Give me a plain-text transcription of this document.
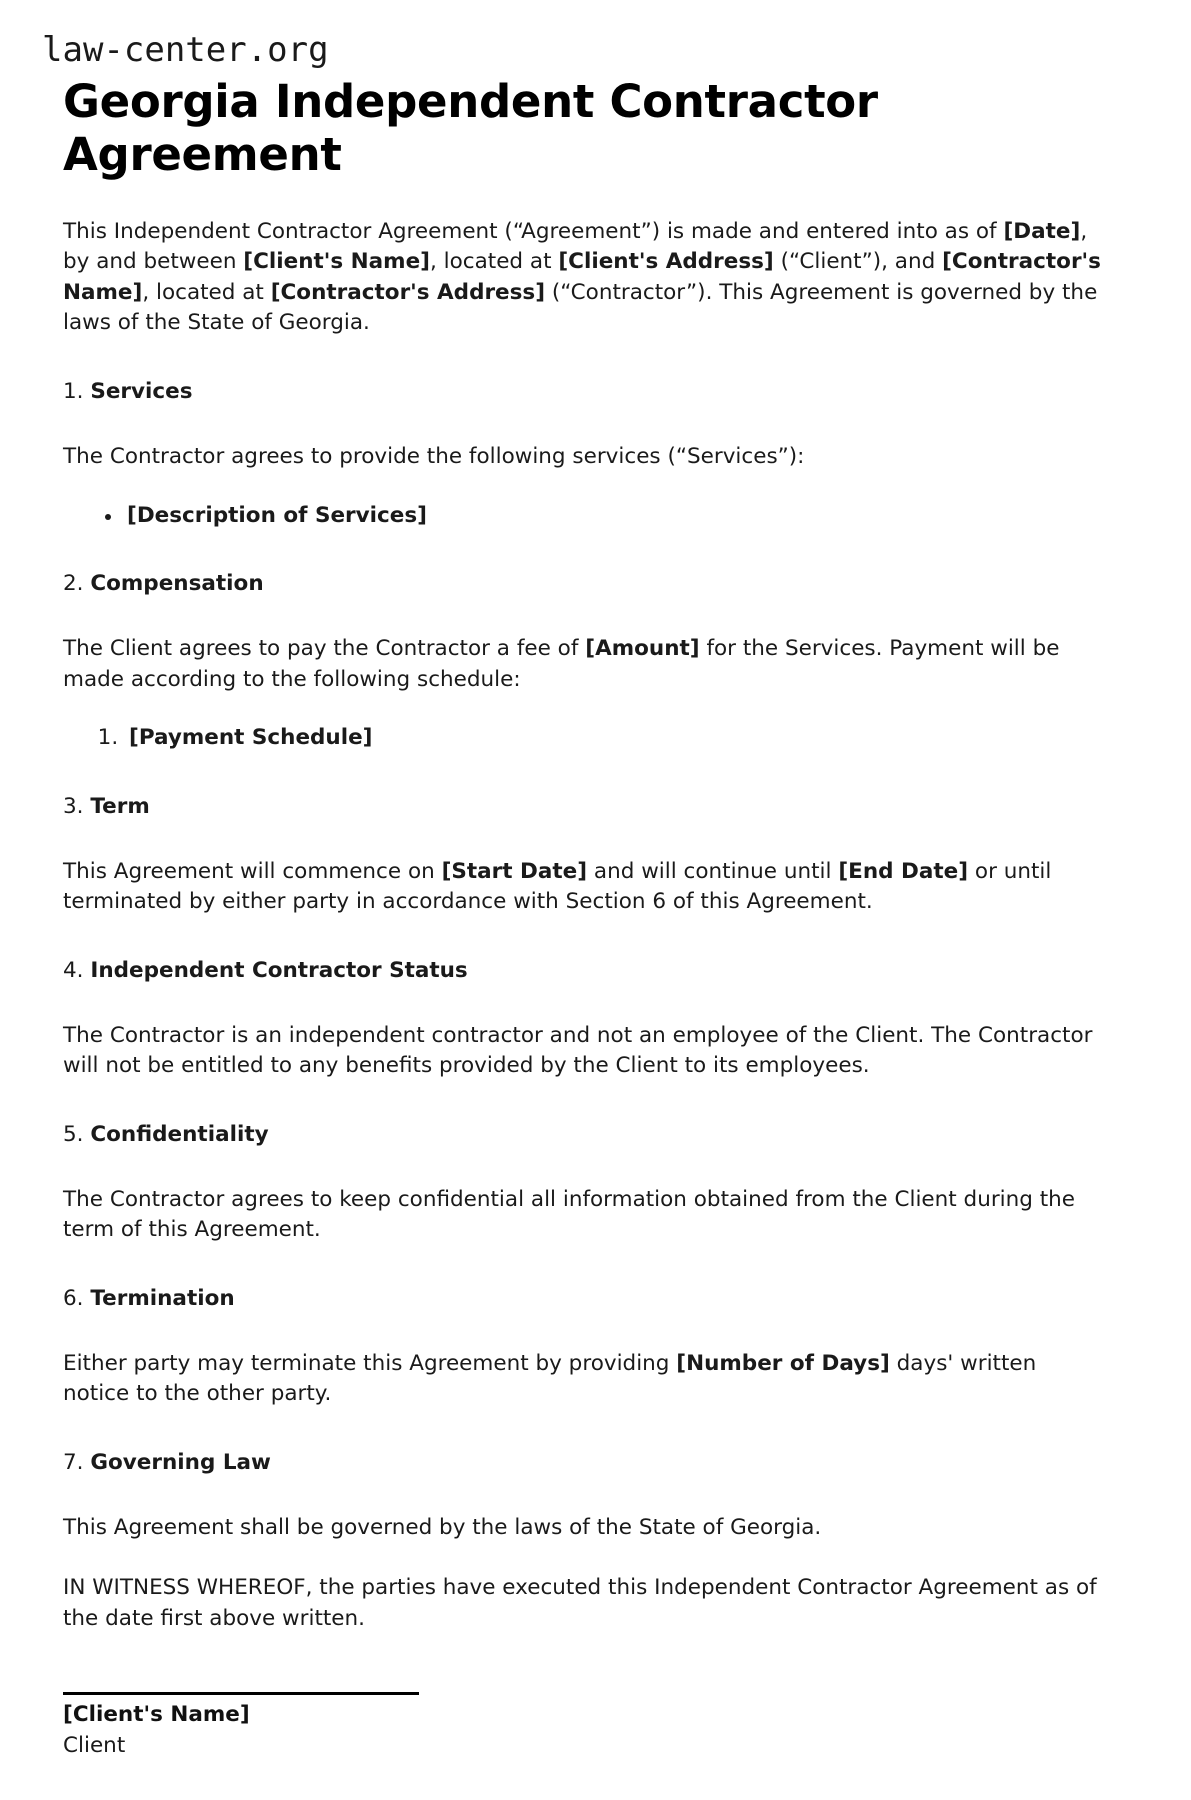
law-center.org
Georgia Independent Contractor Agreement

This Independent Contractor Agreement (“Agreement”) is made and entered into as of [Date], by and between [Client's Name], located at [Client's Address] (“Client”), and [Contractor's Name], located at [Contractor's Address] (“Contractor”). This Agreement is governed by the laws of the State of Georgia.

1. Services

The Contractor agrees to provide the following services (“Services”):

• [Description of Services]
2. Compensation

The Client agrees to pay the Contractor a fee of [Amount] for the Services. Payment will be made according to the following schedule:

1. [Payment Schedule]
3. Term

This Agreement will commence on [Start Date] and will continue until [End Date] or until terminated by either party in accordance with Section 6 of this Agreement.

4. Independent Contractor Status

The Contractor is an independent contractor and not an employee of the Client. The Contractor will not be entitled to any benefits provided by the Client to its employees.

5. Confidentiality

The Contractor agrees to keep confidential all information obtained from the Client during the term of this Agreement.

6. Termination

Either party may terminate this Agreement by providing [Number of Days] days' written notice to the other party.

7. Governing Law

This Agreement shall be governed by the laws of the State of Georgia.

IN WITNESS WHEREOF, the parties have executed this Independent Contractor Agreement as of the date first above written.

[Client's Name]

Client
